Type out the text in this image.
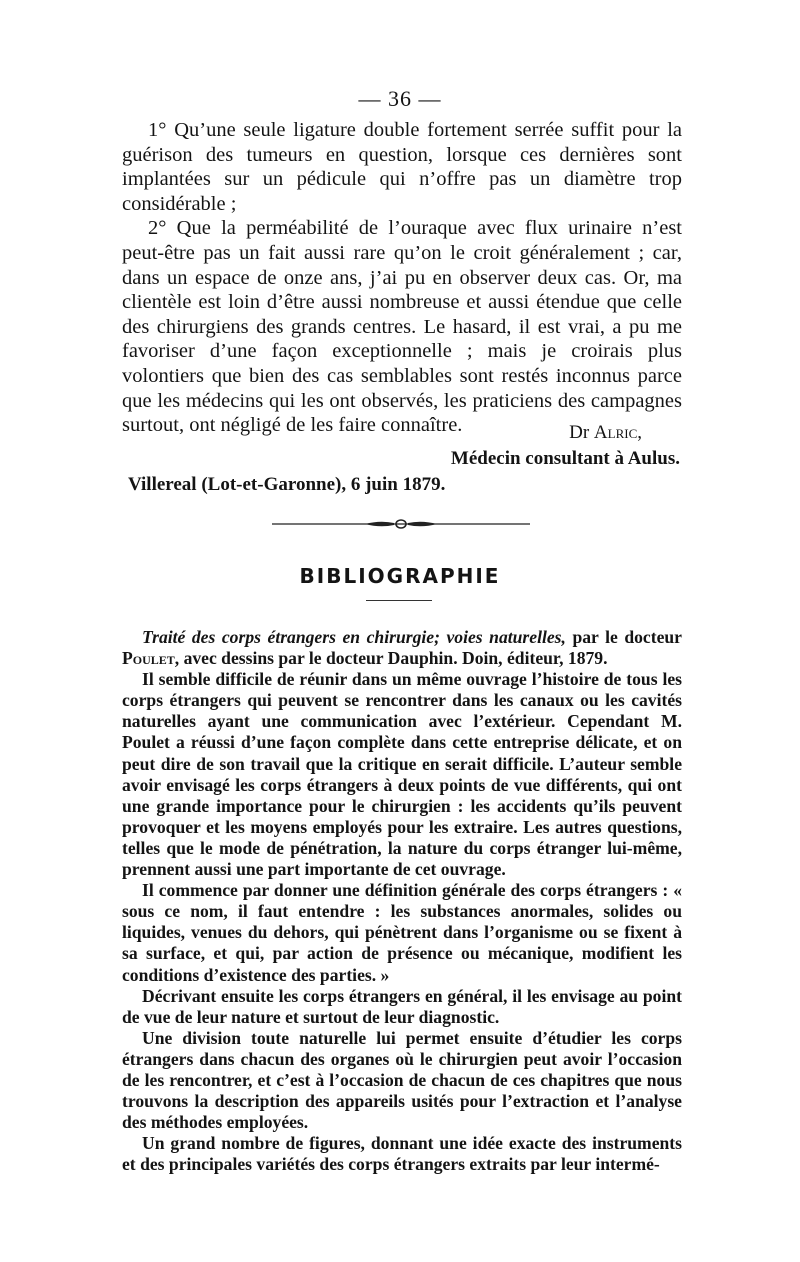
— 36 —

1° Qu’une seule ligature double fortement serrée suffit pour la guérison des tumeurs en question, lorsque ces dernières sont implantées sur un pédicule qui n’offre pas un diamètre trop considérable ;

2° Que la perméabilité de l’ouraque avec flux urinaire n’est peut-être pas un fait aussi rare qu’on le croit généralement ; car, dans un espace de onze ans, j’ai pu en observer deux cas. Or, ma clientèle est loin d’être aussi nombreuse et aussi étendue que celle des chirurgiens des grands centres. Le hasard, il est vrai, a pu me favoriser d’une façon exceptionnelle ; mais je croirais plus volontiers que bien des cas semblables sont restés inconnus parce que les médecins qui les ont observés, les praticiens des campagnes surtout, ont négligé de les faire connaître.	Dr Alric,
Médecin consultant à Aulus.
Villereal (Lot-et-Garonne), 6 juin 1879.
BIBLIOGRAPHIE

Traité des corps étrangers en chirurgie; voies naturelles, par le docteur Poulet, avec dessins par le docteur Dauphin. Doin, éditeur, 1879.

Il semble difficile de réunir dans un même ouvrage l’histoire de tous les corps étrangers qui peuvent se rencontrer dans les canaux ou les cavités naturelles ayant une communication avec l’extérieur. Cependant M. Poulet a réussi d’une façon complète dans cette entreprise délicate, et on peut dire de son travail que la critique en serait difficile. L’auteur semble avoir envisagé les corps étrangers à deux points de vue différents, qui ont une grande importance pour le chirurgien : les accidents qu’ils peuvent provoquer et les moyens employés pour les extraire. Les autres questions, telles que le mode de pénétration, la nature du corps étranger lui-même, prennent aussi une part importante de cet ouvrage.

Il commence par donner une définition générale des corps étrangers : « sous ce nom, il faut entendre : les substances anormales, solides ou liquides, venues du dehors, qui pénètrent dans l’organisme ou se fixent à sa surface, et qui, par action de présence ou mécanique, modifient les conditions d’existence des parties. »

Décrivant ensuite les corps étrangers en général, il les envisage au point de vue de leur nature et surtout de leur diagnostic.

Une division toute naturelle lui permet ensuite d’étudier les corps étrangers dans chacun des organes où le chirurgien peut avoir l’occasion de les rencontrer, et c’est à l’occasion de chacun de ces chapitres que nous trouvons la description des appareils usités pour l’extraction et l’analyse des méthodes employées.

Un grand nombre de figures, donnant une idée exacte des instruments et des principales variétés des corps étrangers extraits par leur intermé-
